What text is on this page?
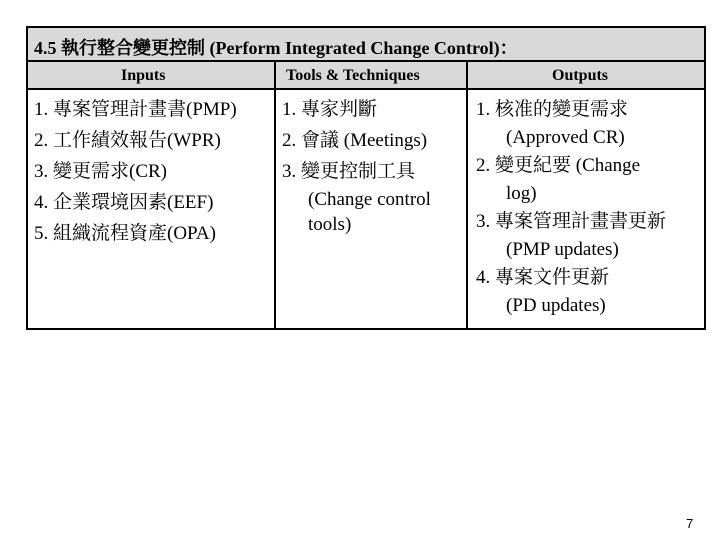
4.5 執行整合變更控制 (Perform Integrated Change Control)：
Inputs	Tools & Techniques	Outputs
1. 專案管理計畫書(PMP)
2. 工作績效報告(WPR)
3. 變更需求(CR)
4. 企業環境因素(EEF)
5. 組織流程資產(OPA)
1. 專家判斷
2. 會議 (Meetings)
3. 變更控制工具
(Change control
tools)
1. 核准的變更需求
(Approved CR)
2. 變更紀要 (Change
log)
3. 專案管理計畫書更新
(PMP updates)
4. 專案文件更新
(PD updates)
7
